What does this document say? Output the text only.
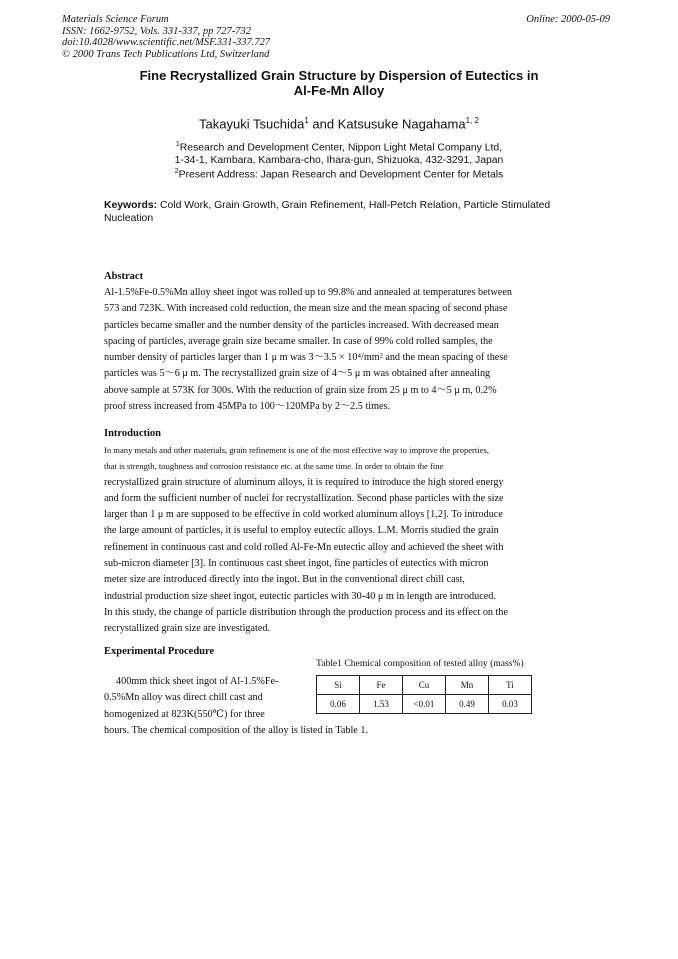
Materials Science Forum
ISSN: 1662-9752, Vols. 331-337, pp 727-732
doi:10.4028/www.scientific.net/MSF.331-337.727
© 2000 Trans Tech Publications Ltd, Switzerland
Online: 2000-05-09
Fine Recrystallized Grain Structure by Dispersion of Eutectics in
Al-Fe-Mn Alloy
Takayuki Tsuchida$^1$ and Katsusuke Nagahama$^{1, 2}$
$^1$Research and Development Center, Nippon Light Metal Company Ltd,
1-34-1, Kambara, Kambara-cho, Ihara-gun, Shizuoka, 432-3291, Japan
$^2$Present Address: Japan Research and Development Center for Metals
Keywords: Cold Work, Grain Growth, Grain Refinement, Hall-Petch Relation, Particle Stimulated
Nucleation
Abstract
Al-1.5%Fe-0.5%Mn alloy sheet ingot was rolled up to 99.8% and annealed at temperatures between
573 and 723K. With increased cold reduction, the mean size and the mean spacing of second phase
particles became smaller and the number density of the particles increased. With decreased mean
spacing of particles, average grain size became smaller. In case of 99% cold rolled samples, the
number density of particles larger than 1 μ m was 3～3.5 × 10⁴/mm² and the mean spacing of these
particles was 5～6 μ m. The recrystallized grain size of 4～5 μ m was obtained after annealing
above sample at 573K for 300s. With the reduction of grain size from 25 μ m to 4～5 μ m, 0.2%
proof stress increased from 45MPa to 100～120MPa by 2～2.5 times.
Introduction
In many metals and other materials, grain refinement is one of the most effective way to improve the properties,
that is strength, toughness and corrosion resistance etc. at the same time. In order to obtain the fine
recrystallized grain structure of aluminum alloys, it is required to introduce the high stored energy
and form the sufficient number of nuclei for recrystallization. Second phase particles with the size
larger than 1 μ m are supposed to be effective in cold worked aluminum alloys [1,2]. To introduce
the large amount of particles, it is useful to employ eutectic alloys. L.M. Morris studied the grain
refinement in continuous cast and cold rolled Al-Fe-Mn eutectic alloy and achieved the sheet with
sub-micron diameter [3]. In continuous cast sheet ingot, fine particles of eutectics with micron
meter size are introduced directly into the ingot. But in the conventional direct chill cast,
industrial production size sheet ingot, eutectic particles with 30-40 μ m in length are introduced.
In this study, the change of particle distribution through the production process and its effect on the
recrystallized grain size are investigated.
Experimental Procedure
400mm thick sheet ingot of Al-1.5%Fe-
0.5%Mn alloy was direct chill cast and
homogenized at 823K(550℃) for three
hours. The chemical composition of the alloy is listed in Table 1.
Table1 Chemical composition of tested alloy (mass%)
Si	Fe	Cu	Mn	Ti
0.06	1.53	<0.01	0.49	0.03
